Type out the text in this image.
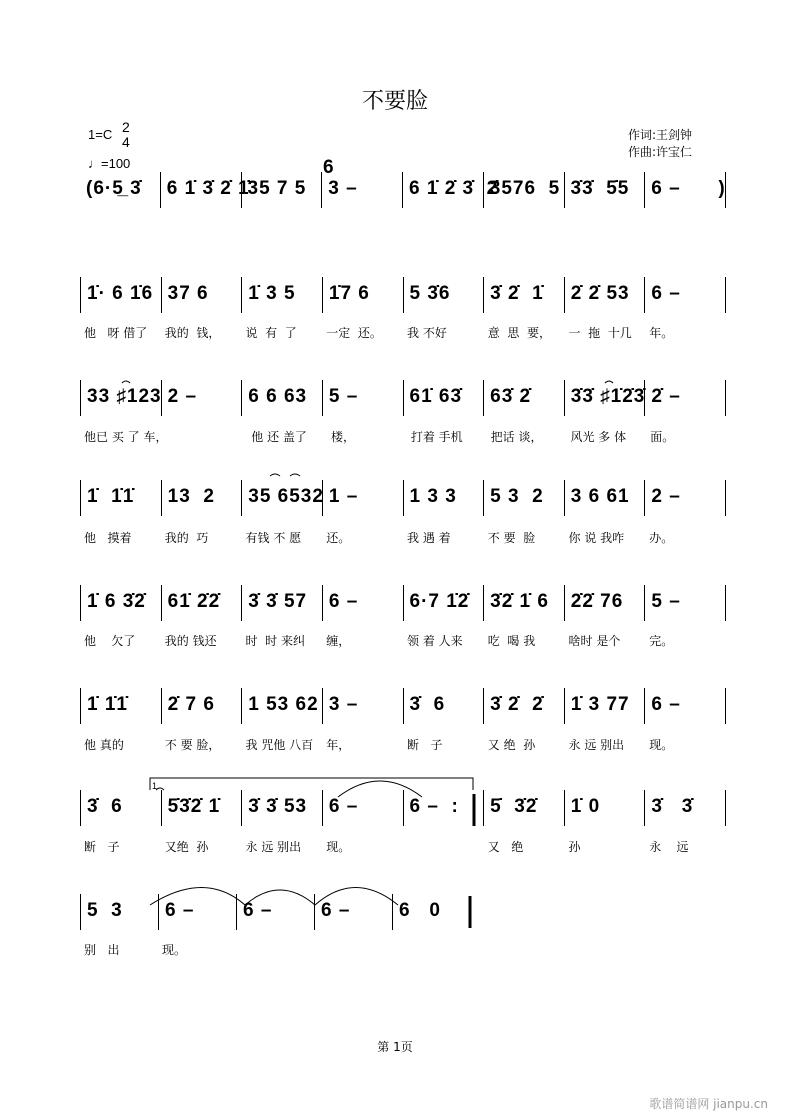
不要脸
1=C 2
4
♩=100
作词:王剑钟
作曲:许宝仁
6
(6·5̲ 3̇ 6 1̇ 3̇ 2̇ 1̇
35 7 5 3 –	6 1̇ 2̇ 3̇  2̇
3576  5 3̇3̇  5̇5 6 –      )
1̇· 6 1̇6 37 6 1̇ 3 5 1̇7 6 5 3̇6 3̇ 2̇  1̇ 2̇ 2̇ 53 6 –
他   呀 借了	我的  钱，	说  有  了	一定  还。	我 不好	意  思  要，	一  拖  十几	年。
33 ♯123 2 –	6 6 63 5 –	61̇ 63̇ 63̇ 2̇ 3̇3̇ ♯1̇2̇3̇ 2̇ –
他已 买 了 车，	他 还 盖了	楼，	打着 手机	把话 谈，	风光 多 体	面。
1̇  1̇1̇ 13  2 35 6532 1 –	1 3 3 5 3  2 3 6 61 2 –
他   摸着	我的  巧	有钱 不 愿	还。	我 遇 着	不 要  脸	你 说 我咋	办。
1̇ 6 3̇2̇ 61̇ 2̇2̇ 3̇ 3̇ 57 6 –	6·7 1̇2̇ 3̇2̇ 1̇ 6 2̇2̇ 76 5 –
他    欠了	我的 钱还	时  时 来纠	缠，	领 着 人来	吃  喝 我	啥时 是个	完。
1̇ 1̇1̇ 2̇ 7 6 1 53 62 3 –	3̇  6 3̇ 2̇  2̇ 1̇ 3 77 6 –
他 真的	不 要 脸，	我 咒他 八百	年，	断   子	又 绝  孙	永 远 别出	现。
3̇  6 5̇3̇2̇ 1̇ 3̇ 3̇ 53 6 –	6 –  : 5̇  3̇2̇ 1̇ 0	3̇   3̇
断   子	又绝  孙	永 远 别出	现。	又   绝	孙	永    远
5  3 6 –	6 –	6 –	6   0
别   出	现。
1.
第 1页
歌谱简谱网 jianpu.cn
